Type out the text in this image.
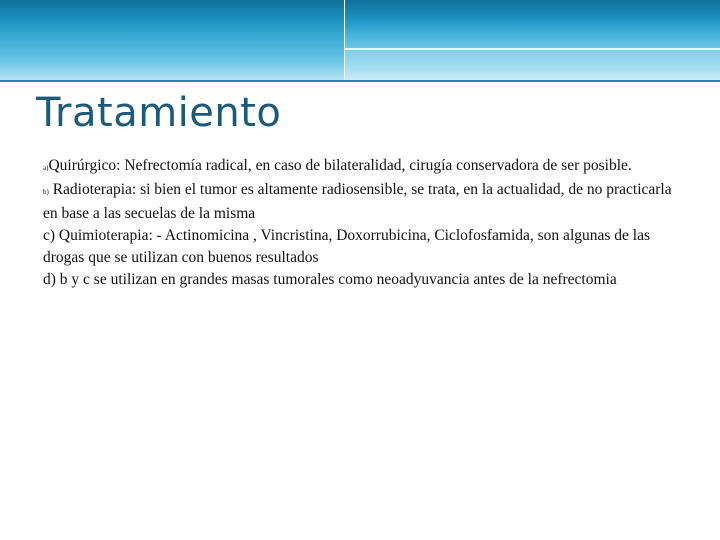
Tratamiento

a)Quirúrgico: Nefrectomía radical, en caso de bilateralidad, cirugía conservadora de ser posible.

b) Radioterapia: si bien el tumor es altamente radiosensible, se trata, en la actualidad, de no practicarla en base a las secuelas de la misma

c) Quimioterapia: - Actinomicina , Vincristina, Doxorrubicina, Ciclofosfamida, son algunas de las drogas que se utilizan con buenos resultados

d) b y c se utilizan en grandes masas tumorales como neoadyuvancia antes de la nefrectomia
